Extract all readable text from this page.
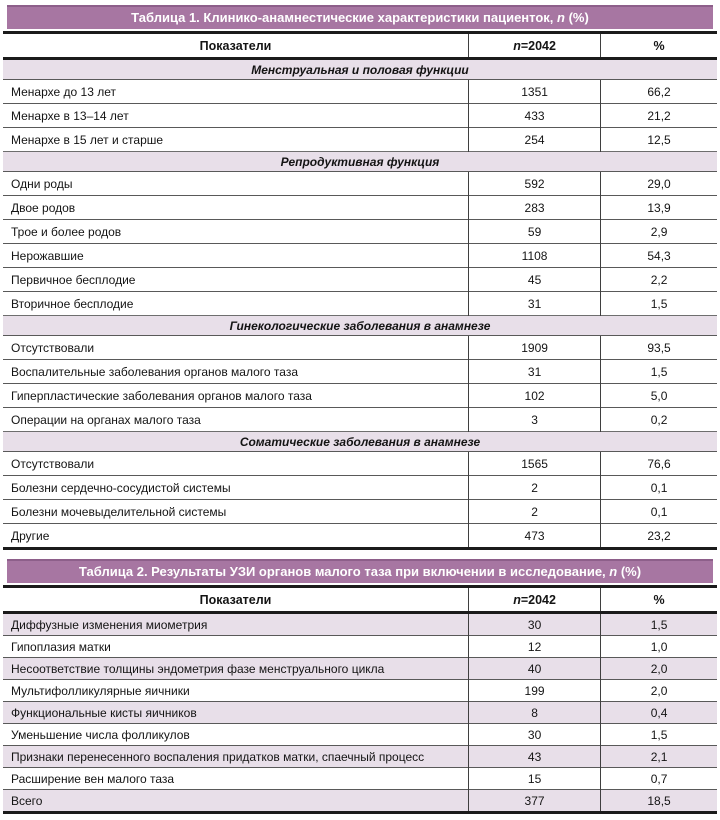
Таблица 1. Клинико-анамнестические характеристики пациенток, n (%)
Показатели	n=2042	%
Менструальная и половая функции		
Менархе до 13 лет	1351	66,2
Менархе в 13–14 лет	433	21,2
Менархе в 15 лет и старше	254	12,5
Репродуктивная функция		
Одни роды	592	29,0
Двое родов	283	13,9
Трое и более родов	59	2,9
Нерожавшие	1108	54,3
Первичное бесплодие	45	2,2
Вторичное бесплодие	31	1,5
Гинекологические заболевания в анамнезе		
Отсутствовали	1909	93,5
Воспалительные заболевания органов малого таза	31	1,5
Гиперпластические заболевания органов малого таза	102	5,0
Операции на органах малого таза	3	0,2
Соматические заболевания в анамнезе		
Отсутствовали	1565	76,6
Болезни сердечно-сосудистой системы	2	0,1
Болезни мочевыделительной системы	2	0,1
Другие	473	23,2
Таблица 2. Результаты УЗИ органов малого таза при включении в исследование, n (%)
Показатели	n=2042	%
Диффузные изменения миометрия	30	1,5
Гипоплазия матки	12	1,0
Несоответствие толщины эндометрия фазе менструального цикла	40	2,0
Мультифолликулярные яичники	199	2,0
Функциональные кисты яичников	8	0,4
Уменьшение числа фолликулов	30	1,5
Признаки перенесенного воспаления придатков матки, спаечный процесс	43	2,1
Расширение вен малого таза	15	0,7
Всего	377	18,5
